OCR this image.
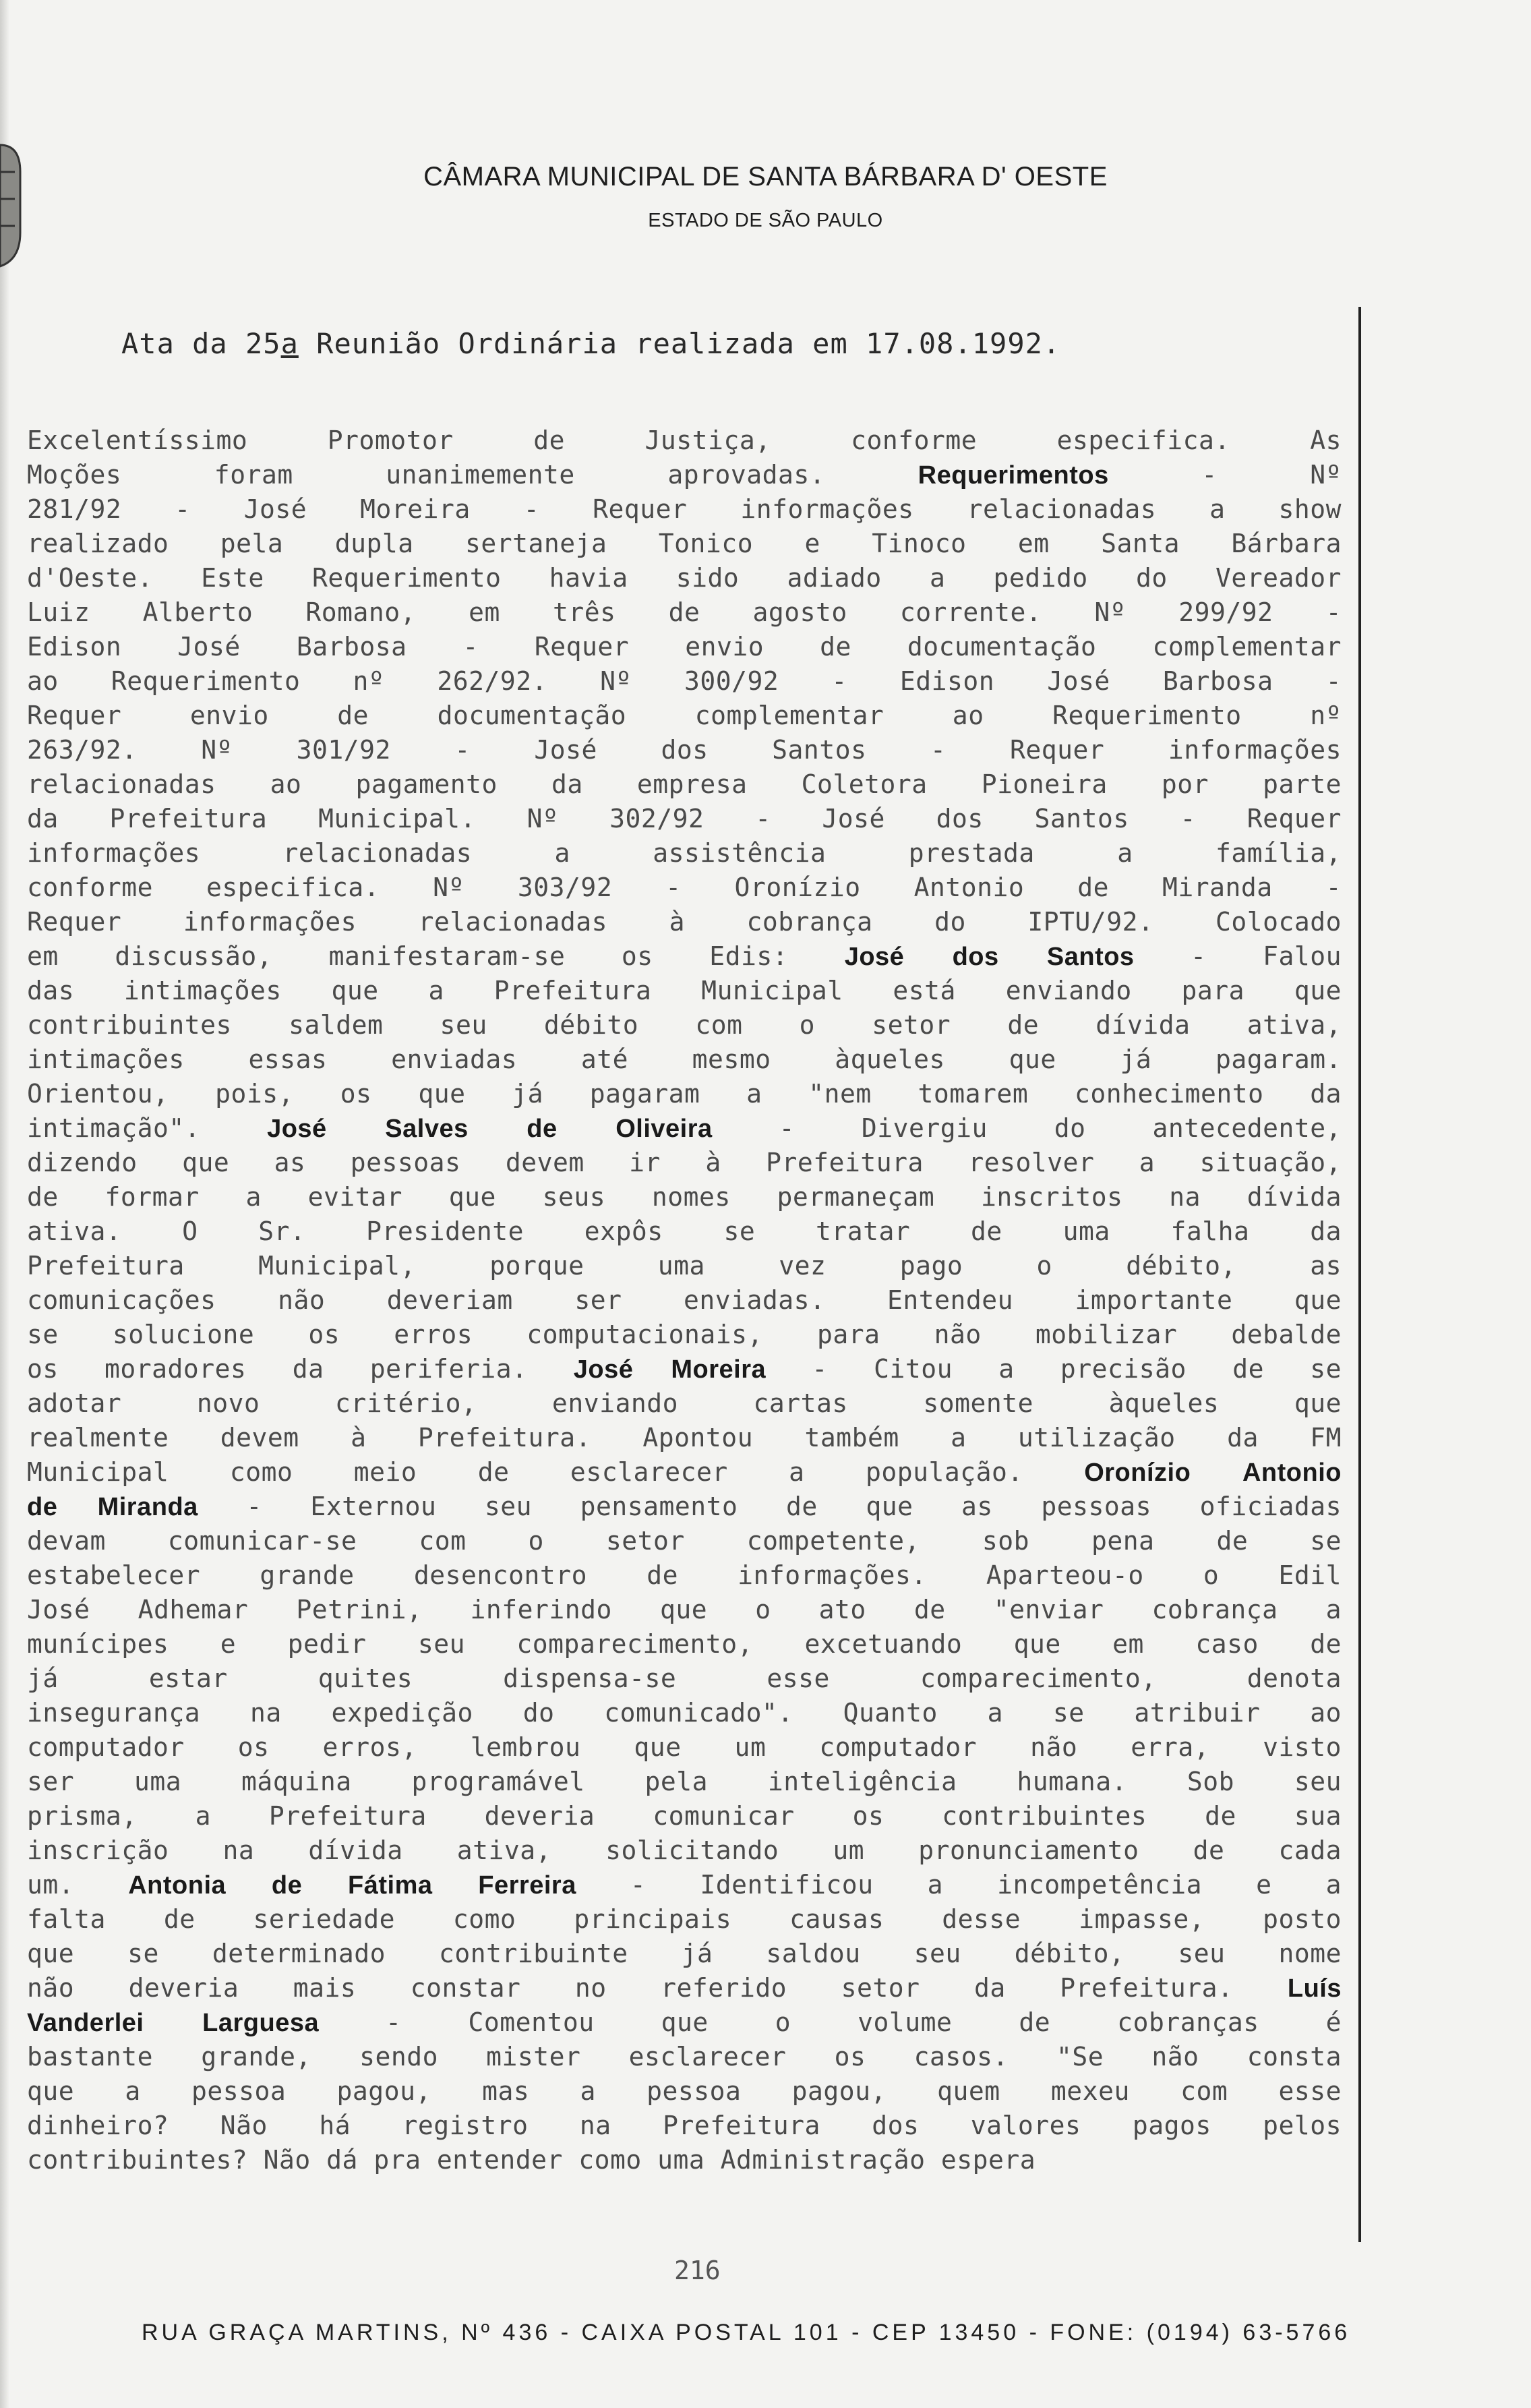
CÂMARA MUNICIPAL DE SANTA BÁRBARA D' OESTE
ESTADO DE SÃO PAULO
Ata da 25a Reunião Ordinária realizada em 17.08.1992.
Excelentíssimo Promotor de Justiça, conforme especifica. As
Moções foram unanimemente aprovadas. Requerimentos - Nº
281/92 - José Moreira - Requer informações relacionadas a show
realizado pela dupla sertaneja Tonico e Tinoco em Santa Bárbara
d'Oeste. Este Requerimento havia sido adiado a pedido do Vereador
Luiz Alberto Romano, em três de agosto corrente. Nº 299/92 -
Edison José Barbosa - Requer envio de documentação complementar
ao Requerimento nº 262/92. Nº 300/92 - Edison José Barbosa -
Requer envio de documentação complementar ao Requerimento nº
263/92. Nº 301/92 - José dos Santos - Requer informações
relacionadas ao pagamento da empresa Coletora Pioneira por parte
da Prefeitura Municipal. Nº 302/92 - José dos Santos - Requer
informações relacionadas a assistência prestada a família,
conforme especifica. Nº 303/92 - Oronízio Antonio de Miranda -
Requer informações relacionadas à cobrança do IPTU/92. Colocado
em discussão, manifestaram-se os Edis: José dos Santos - Falou
das intimações que a Prefeitura Municipal está enviando para que
contribuintes saldem seu débito com o setor de dívida ativa,
intimações essas enviadas até mesmo àqueles que já pagaram.
Orientou, pois, os que já pagaram a "nem tomarem conhecimento da
intimação". José Salves de Oliveira - Divergiu do antecedente,
dizendo que as pessoas devem ir à Prefeitura resolver a situação,
de formar a evitar que seus nomes permaneçam inscritos na dívida
ativa. O Sr. Presidente expôs se tratar de uma falha da
Prefeitura Municipal, porque uma vez pago o débito, as
comunicações não deveriam ser enviadas. Entendeu importante que
se solucione os erros computacionais, para não mobilizar debalde
os moradores da periferia. José Moreira - Citou a precisão de se
adotar novo critério, enviando cartas somente àqueles que
realmente devem à Prefeitura. Apontou também a utilização da FM
Municipal como meio de esclarecer a população. Oronízio Antonio
de Miranda - Externou seu pensamento de que as pessoas oficiadas
devam comunicar-se com o setor competente, sob pena de se
estabelecer grande desencontro de informações. Aparteou-o o Edil
José Adhemar Petrini, inferindo que o ato de "enviar cobrança a
munícipes e pedir seu comparecimento, excetuando que em caso de
já estar quites dispensa-se esse comparecimento, denota
insegurança na expedição do comunicado". Quanto a se atribuir ao
computador os erros, lembrou que um computador não erra, visto
ser uma máquina programável pela inteligência humana. Sob seu
prisma, a Prefeitura deveria comunicar os contribuintes de sua
inscrição na dívida ativa, solicitando um pronunciamento de cada
um. Antonia de Fátima Ferreira - Identificou a incompetência e a
falta de seriedade como principais causas desse impasse, posto
que se determinado contribuinte já saldou seu débito, seu nome
não deveria mais constar no referido setor da Prefeitura. Luís
Vanderlei Larguesa - Comentou que o volume de cobranças é
bastante grande, sendo mister esclarecer os casos. "Se não consta
que a pessoa pagou, mas a pessoa pagou, quem mexeu com esse
dinheiro? Não há registro na Prefeitura dos valores pagos pelos
contribuintes? Não dá pra entender como uma Administração espera
216
RUA GRAÇA MARTINS, Nº 436 - CAIXA POSTAL 101 - CEP 13450 - FONE: (0194) 63-5766
